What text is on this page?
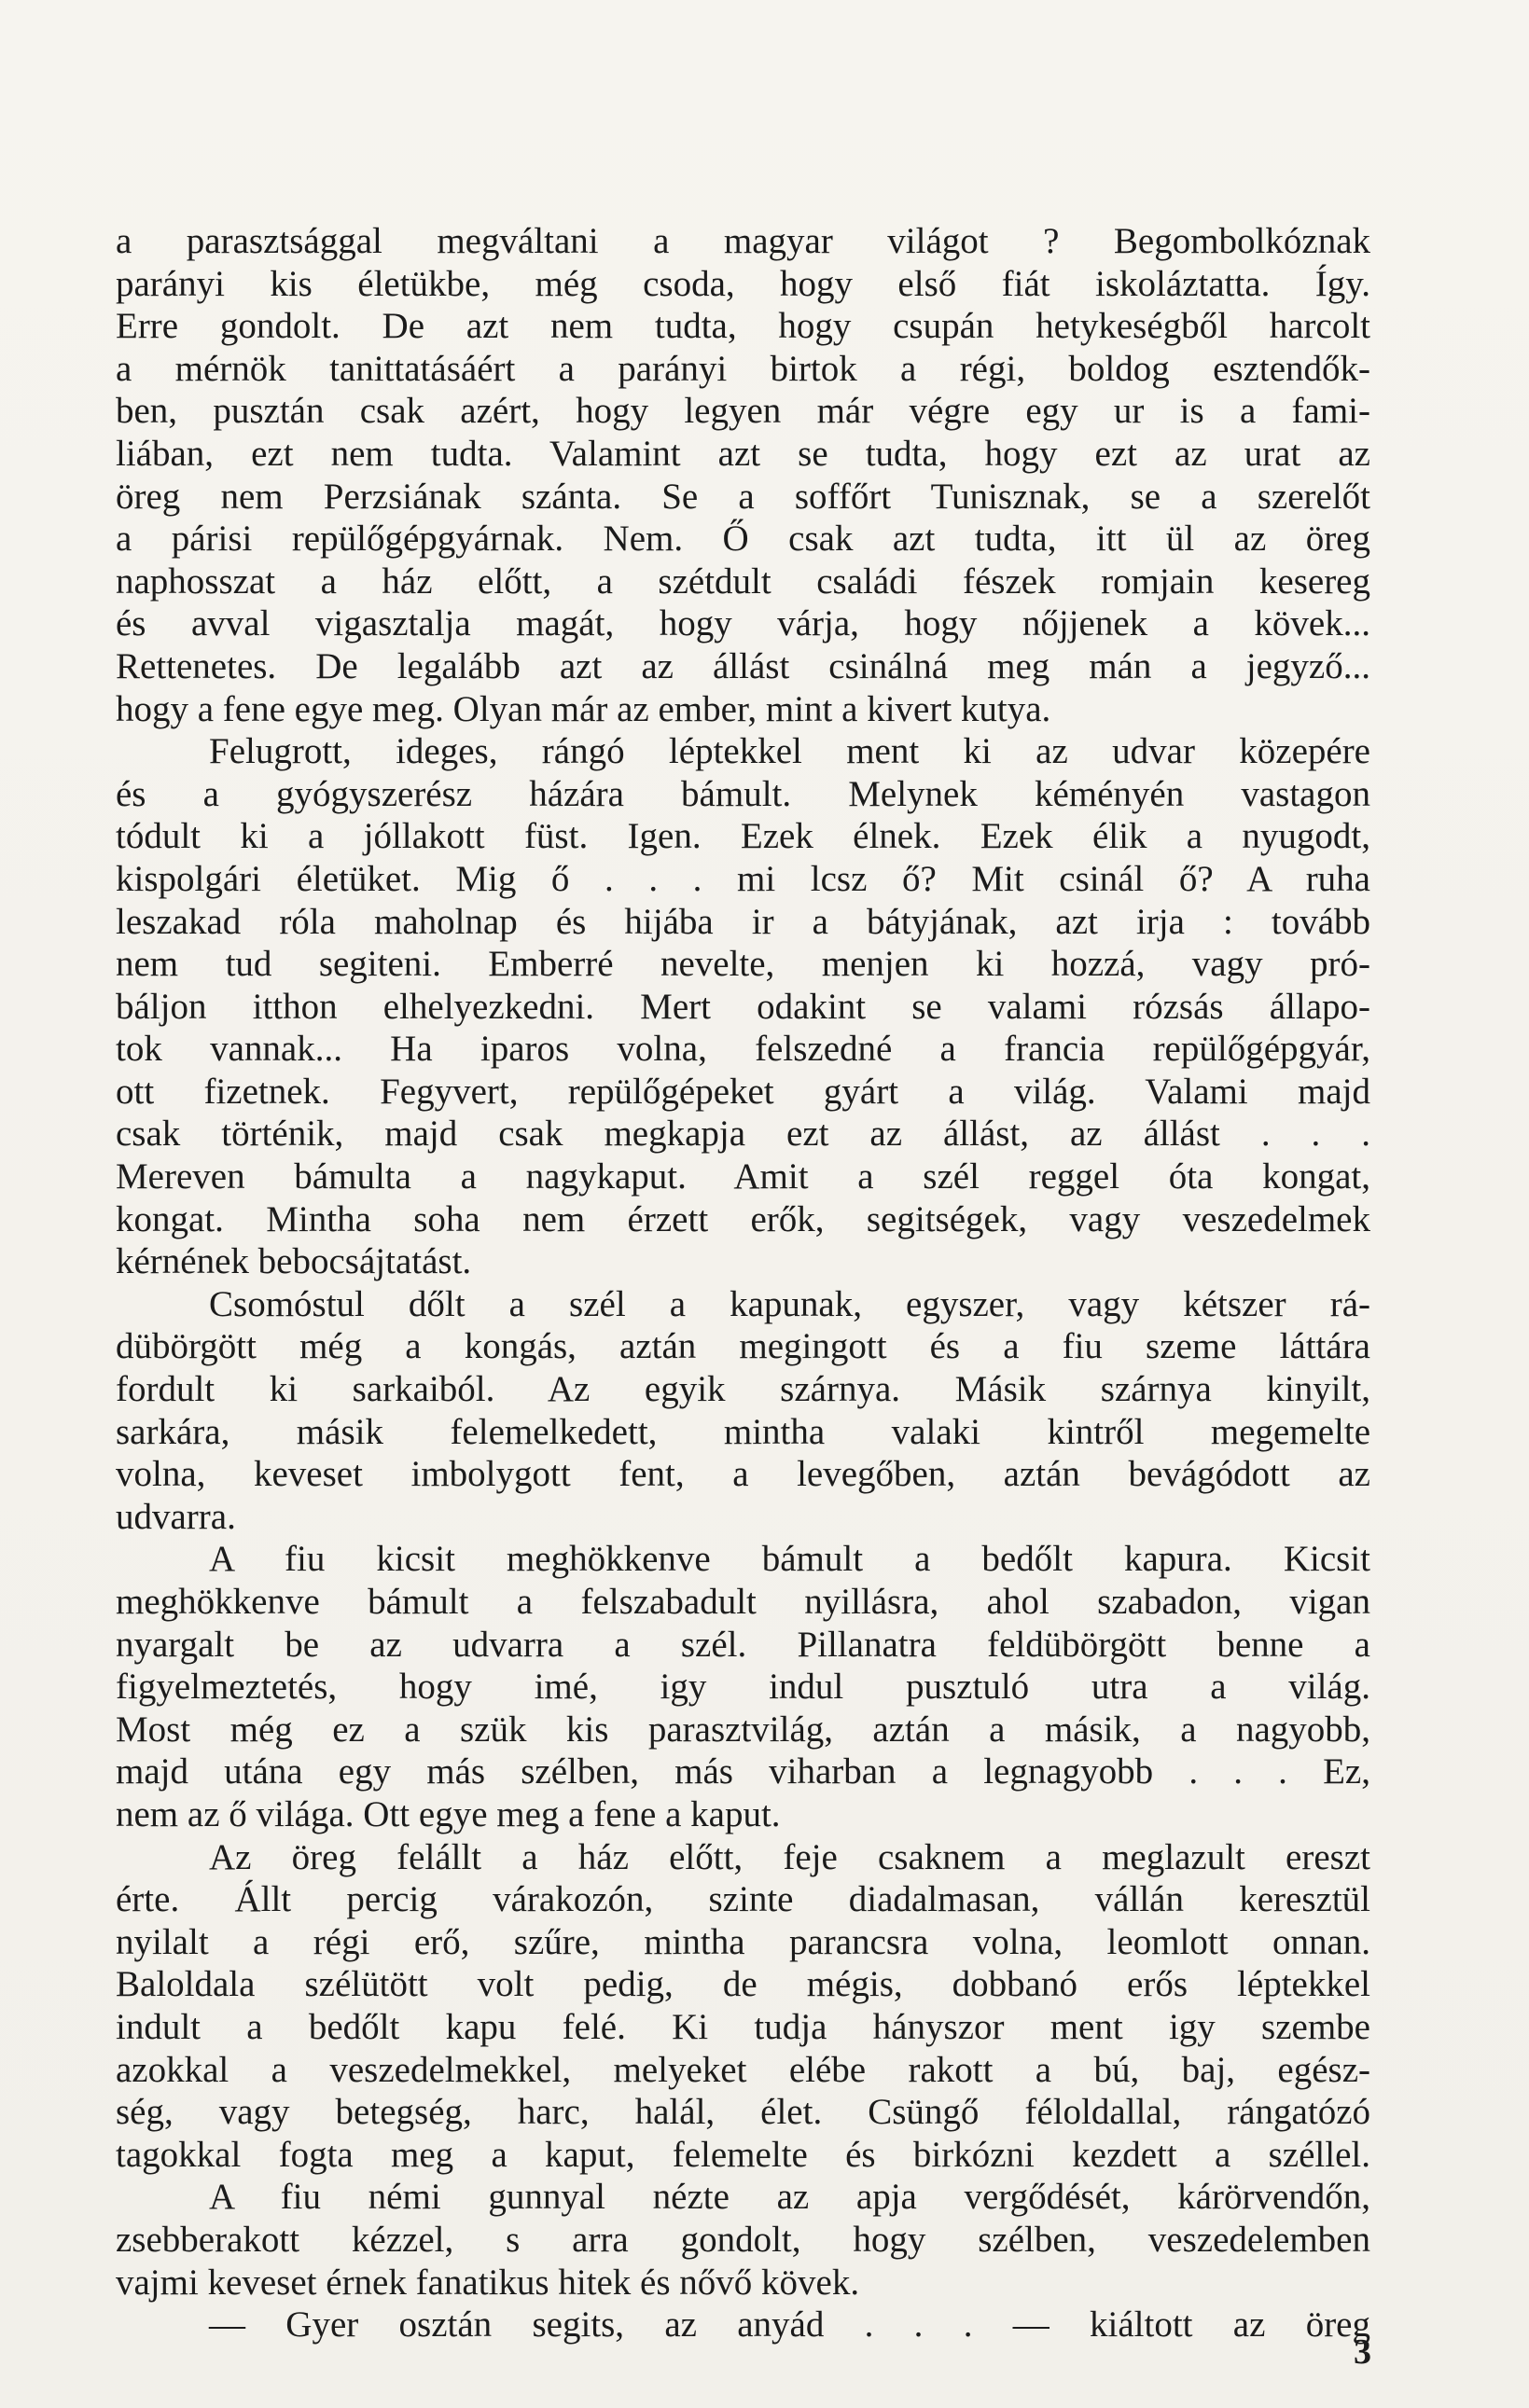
a parasztsággal megváltani a magyar világot ? Begombolkóznak
parányi kis életükbe, még csoda, hogy első fiát iskoláztatta. Így.
Erre gondolt. De azt nem tudta, hogy csupán hetykeségből harcolt
a mérnök tanittatásáért a parányi birtok a régi, boldog esztendők-
ben, pusztán csak azért, hogy legyen már végre egy ur is a fami-
liában, ezt nem tudta. Valamint azt se tudta, hogy ezt az urat az
öreg nem Perzsiának szánta. Se a soffőrt Tunisznak, se a szerelőt
a párisi repülőgépgyárnak. Nem. Ő csak azt tudta, itt ül az öreg
naphosszat a ház előtt, a szétdult családi fészek romjain kesereg
és avval vigasztalja magát, hogy várja, hogy nőjjenek a kövek...
Rettenetes. De legalább azt az állást csinálná meg mán a jegyző...
hogy a fene egye meg. Olyan már az ember, mint a kivert kutya.
Felugrott, ideges, rángó léptekkel ment ki az udvar közepére
és a gyógyszerész házára bámult. Melynek kéményén vastagon
tódult ki a jóllakott füst. Igen. Ezek élnek. Ezek élik a nyugodt,
kispolgári életüket. Mig ő . . . mi lcsz ő? Mit csinál ő? A ruha
leszakad róla maholnap és hijába ir a bátyjának, azt irja : tovább
nem tud segiteni. Emberré nevelte, menjen ki hozzá, vagy pró-
báljon itthon elhelyezkedni. Mert odakint se valami rózsás állapo-
tok vannak... Ha iparos volna, felszedné a francia repülőgépgyár,
ott fizetnek. Fegyvert, repülőgépeket gyárt a világ. Valami majd
csak történik, majd csak megkapja ezt az állást, az állást . . .
Mereven bámulta a nagykaput. Amit a szél reggel óta kongat,
kongat. Mintha soha nem érzett erők, segitségek, vagy veszedelmek
kérnének bebocsájtatást.
Csomóstul dőlt a szél a kapunak, egyszer, vagy kétszer rá-
dübörgött még a kongás, aztán megingott és a fiu szeme láttára
fordult ki sarkaiból. Az egyik szárnya. Másik szárnya kinyilt,
sarkára, másik felemelkedett, mintha valaki kintről megemelte
volna, keveset imbolygott fent, a levegőben, aztán bevágódott az
udvarra.
A fiu kicsit meghökkenve bámult a bedőlt kapura. Kicsit
meghökkenve bámult a felszabadult nyillásra, ahol szabadon, vigan
nyargalt be az udvarra a szél. Pillanatra feldübörgött benne a
figyelmeztetés, hogy imé, igy indul pusztuló utra a világ.
Most még ez a szük kis parasztvilág, aztán a másik, a nagyobb,
majd utána egy más szélben, más viharban a legnagyobb . . . Ez,
nem az ő világa. Ott egye meg a fene a kaput.
Az öreg felállt a ház előtt, feje csaknem a meglazult ereszt
érte. Állt percig várakozón, szinte diadalmasan, vállán keresztül
nyilalt a régi erő, szűre, mintha parancsra volna, leomlott onnan.
Baloldala szélütött volt pedig, de mégis, dobbanó erős léptekkel
indult a bedőlt kapu felé. Ki tudja hányszor ment igy szembe
azokkal a veszedelmekkel, melyeket elébe rakott a bú, baj, egész-
ség, vagy betegség, harc, halál, élet. Csüngő féloldallal, rángatózó
tagokkal fogta meg a kaput, felemelte és birkózni kezdett a széllel.
A fiu némi gunnyal nézte az apja vergődését, kárörvendőn,
zsebberakott kézzel, s arra gondolt, hogy szélben, veszedelemben
vajmi keveset érnek fanatikus hitek és nővő kövek.
— Gyer osztán segits, az anyád . . . — kiáltott az öreg
3
